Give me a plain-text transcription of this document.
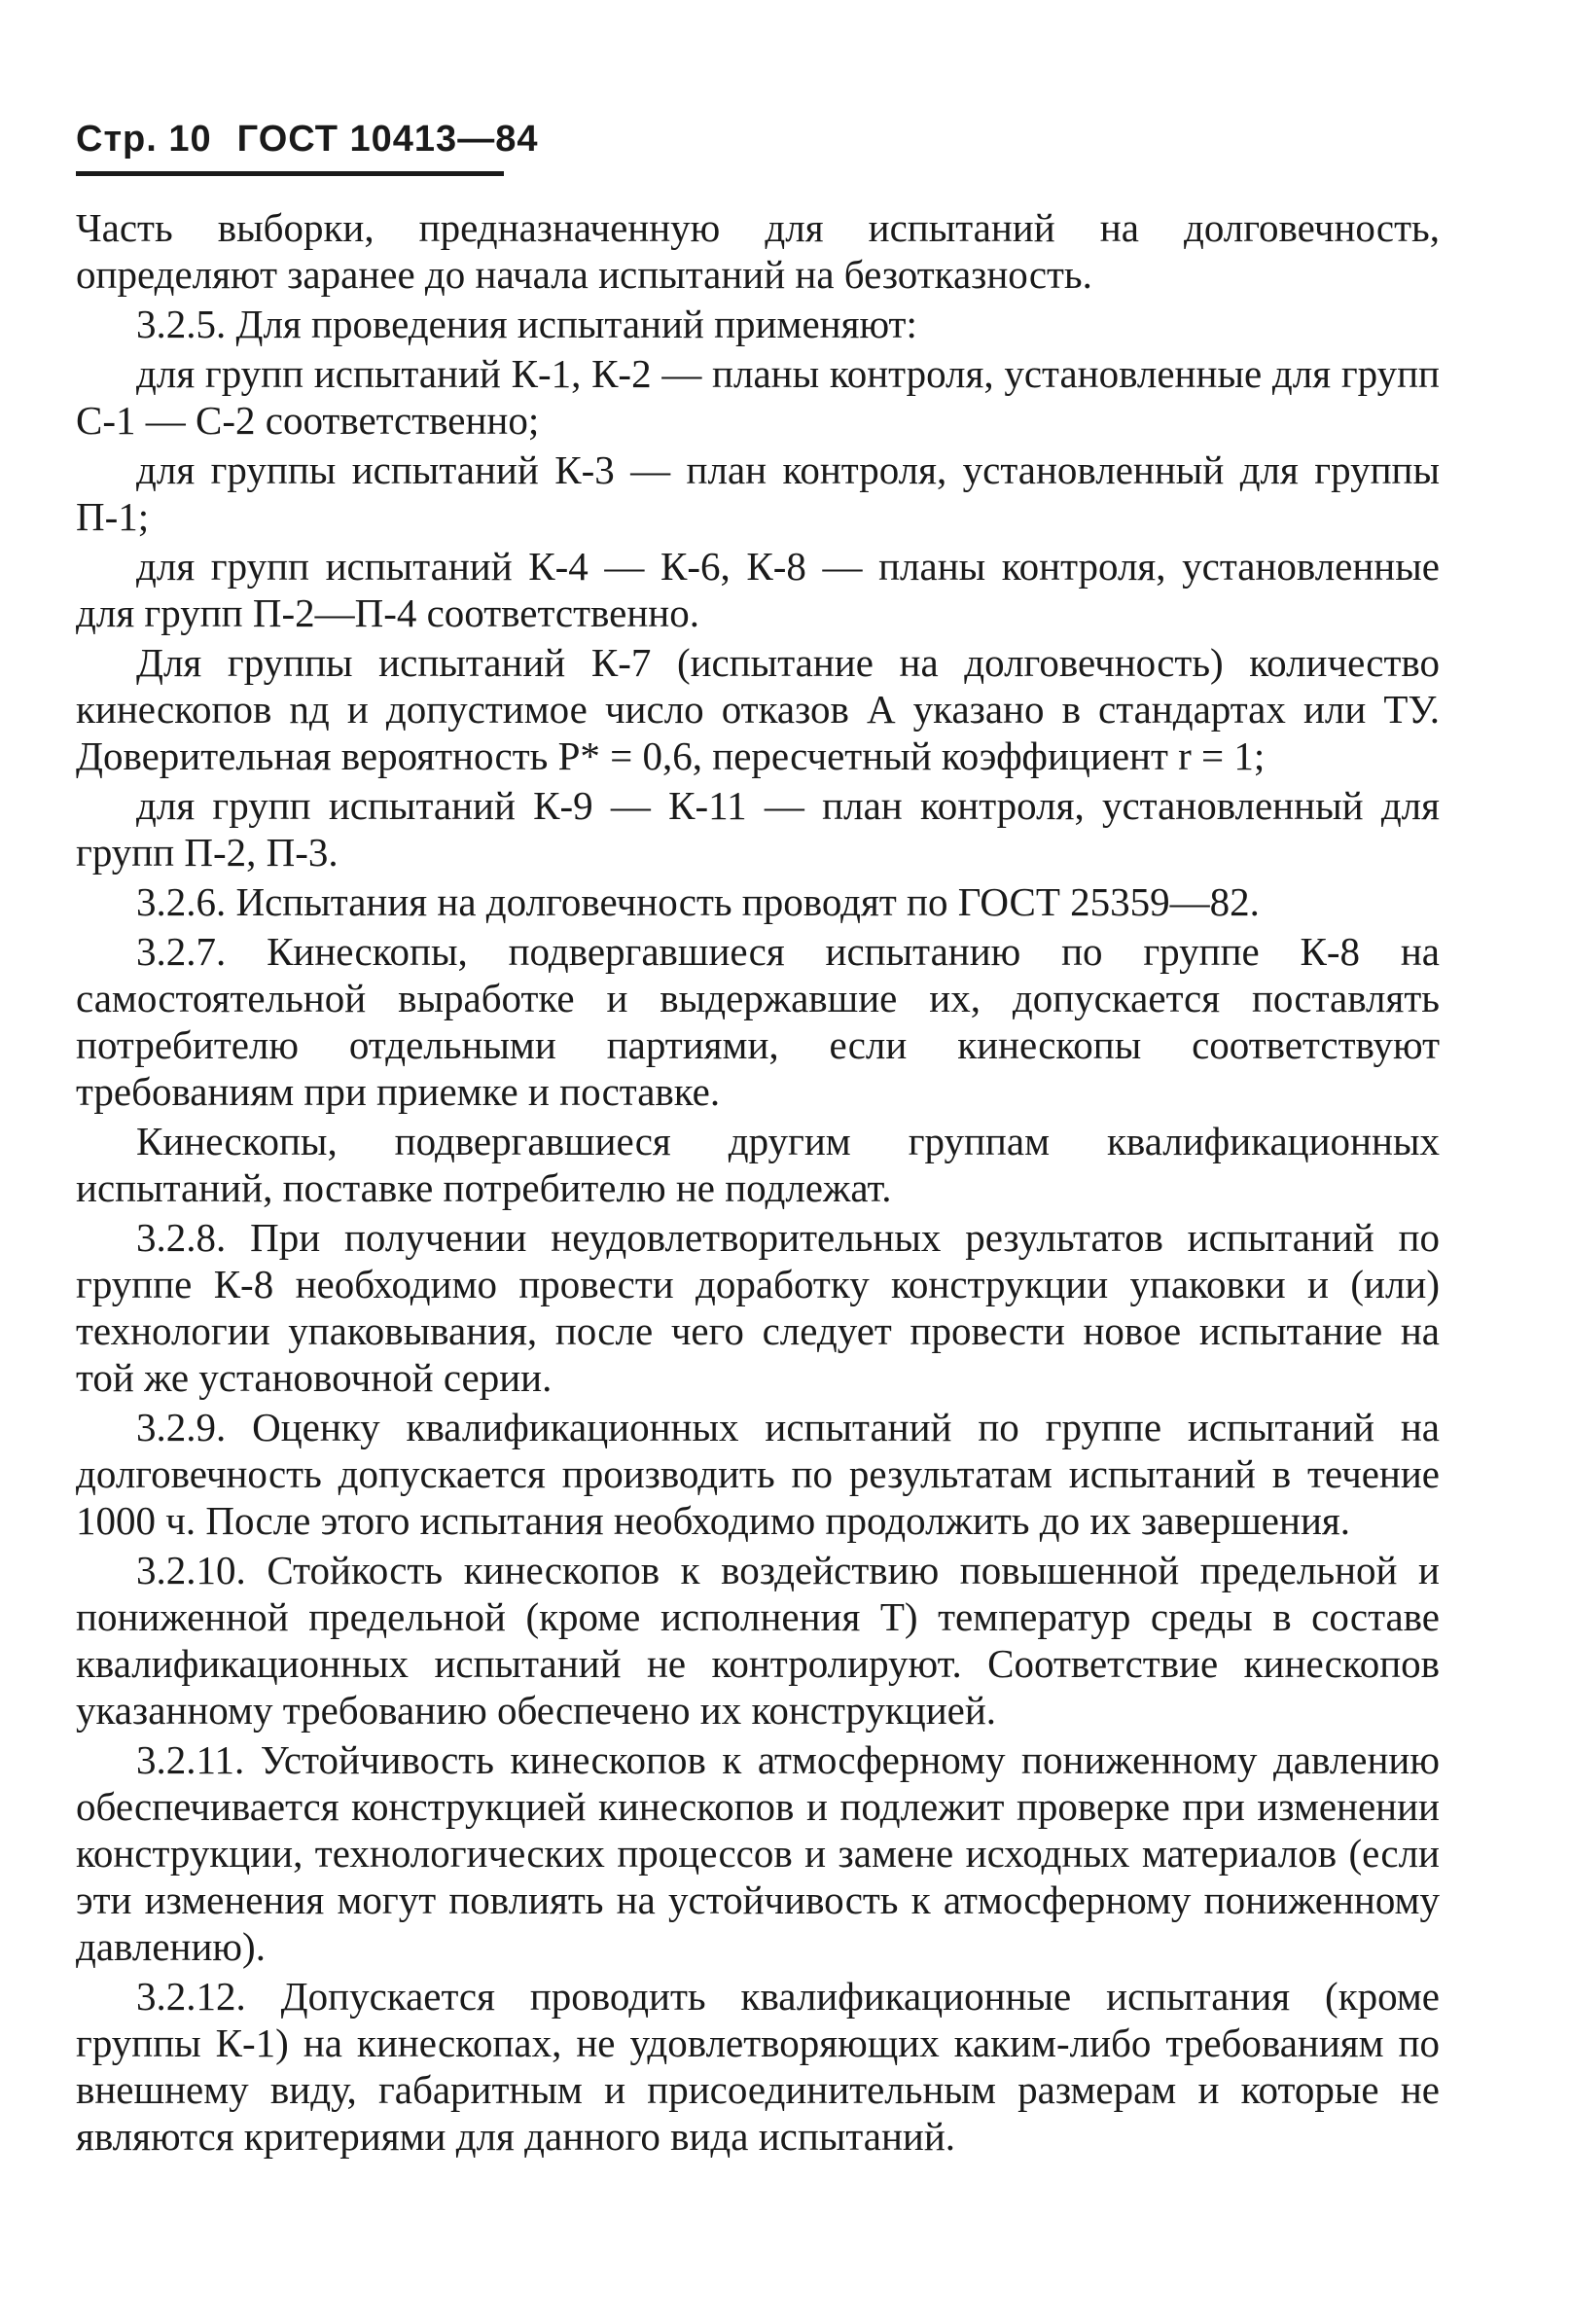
Стр. 10 ГОСТ 10413—84

Часть выборки, предназначенную для испытаний на долговечность, определяют заранее до начала испытаний на безотказность.

3.2.5. Для проведения испытаний применяют:

для групп испытаний К-1, К-2 — планы контроля, установленные для групп С-1 — С-2 соответственно;

для группы испытаний К-3 — план контроля, установленный для группы П-1;

для групп испытаний К-4 — К-6, К-8 — планы контроля, установленные для групп П-2—П-4 соответственно.

Для группы испытаний К-7 (испытание на долговечность) количество кинескопов nд и допустимое число отказов А указано в стандартах или ТУ. Доверительная вероятность Р* = 0,6, пересчетный коэффициент r = 1;

для групп испытаний К-9 — К-11 — план контроля, установленный для групп П-2, П-3.

3.2.6. Испытания на долговечность проводят по ГОСТ 25359—82.

3.2.7. Кинескопы, подвергавшиеся испытанию по группе К-8 на самостоятельной выработке и выдержавшие их, допускается поставлять потребителю отдельными партиями, если кинескопы соответствуют требованиям при приемке и поставке.

Кинескопы, подвергавшиеся другим группам квалификационных испытаний, поставке потребителю не подлежат.

3.2.8. При получении неудовлетворительных результатов испытаний по группе К-8 необходимо провести доработку конструкции упаковки и (или) технологии упаковывания, после чего следует провести новое испытание на той же установочной серии.

3.2.9. Оценку квалификационных испытаний по группе испытаний на долговечность допускается производить по результатам испытаний в течение 1000 ч. После этого испытания необходимо продолжить до их завершения.

3.2.10. Стойкость кинескопов к воздействию повышенной предельной и пониженной предельной (кроме исполнения Т) температур среды в составе квалификационных испытаний не контролируют. Соответствие кинескопов указанному требованию обеспечено их конструкцией.

3.2.11. Устойчивость кинескопов к атмосферному пониженному давлению обеспечивается конструкцией кинескопов и подлежит проверке при изменении конструкции, технологических процессов и замене исходных материалов (если эти изменения могут повлиять на устойчивость к атмосферному пониженному давлению).

3.2.12. Допускается проводить квалификационные испытания (кроме группы К-1) на кинескопах, не удовлетворяющих каким-либо требованиям по внешнему виду, габаритным и присоединительным размерам и которые не являются критериями для данного вида испытаний.
